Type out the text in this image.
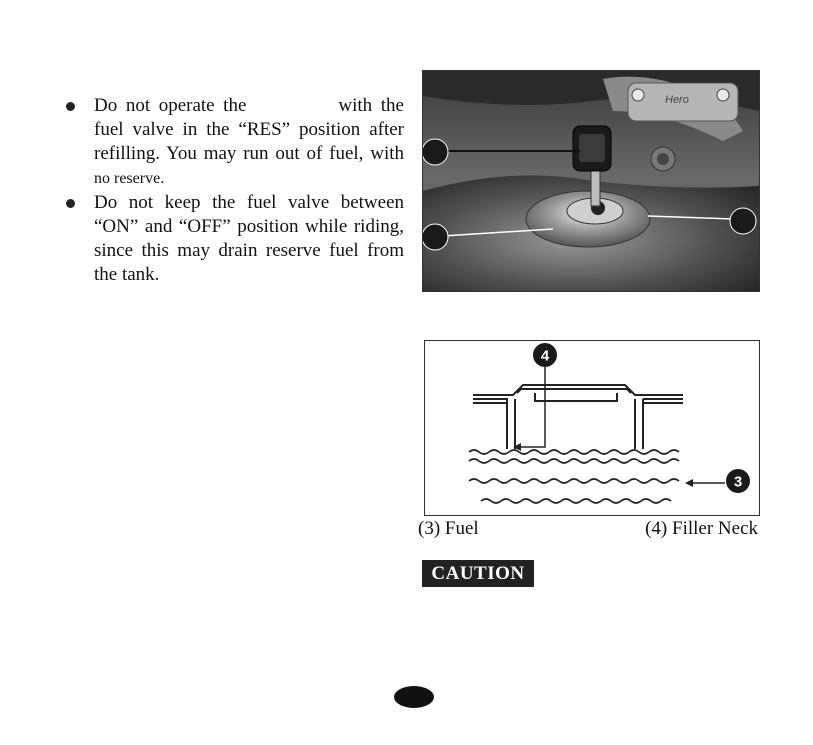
Do not operate the	with the fuel valve in the “RES” position after refilling. You may run out of fuel, with no reserve.
Do not keep the fuel valve between “ON” and “OFF” position while riding, since this may drain reserve fuel from the tank.
Hero
4
3
(3) Fuel	(4) Filler Neck
CAUTION
